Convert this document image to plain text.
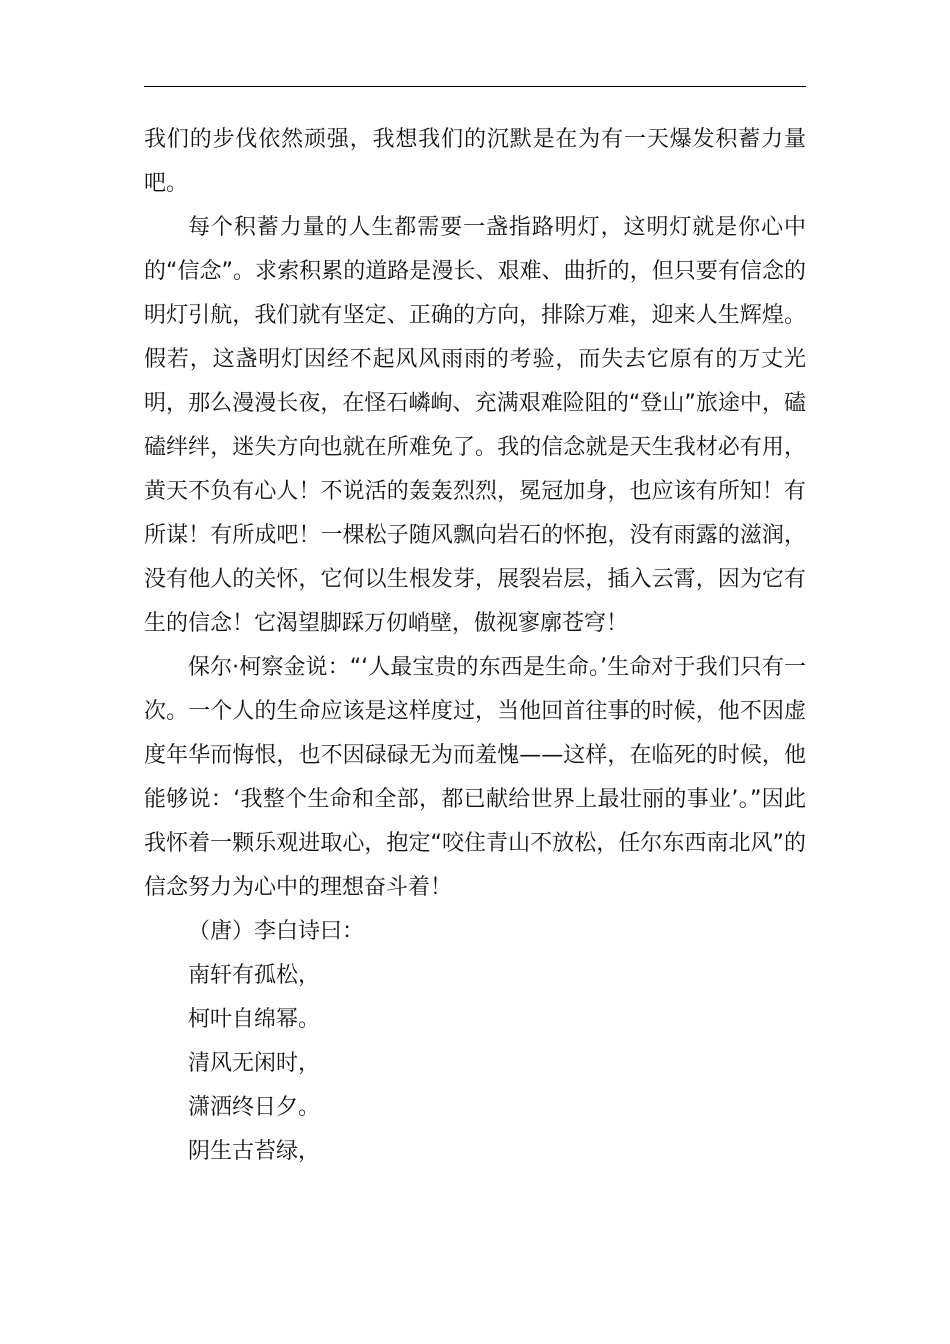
我们的步伐依然顽强，我想我们的沉默是在为有一天爆发积蓄力量吧。

每个积蓄力量的人生都需要一盏指路明灯，这明灯就是你心中的“信念”。求索积累的道路是漫长、艰难、曲折的，但只要有信念的明灯引航，我们就有坚定、正确的方向，排除万难，迎来人生辉煌。假若，这盏明灯因经不起风风雨雨的考验，而失去它原有的万丈光明，那么漫漫长夜，在怪石嶙峋、充满艰难险阻的“登山”旅途中，磕磕绊绊，迷失方向也就在所难免了。我的信念就是天生我材必有用，黄天不负有心人！不说活的轰轰烈烈，冕冠加身，也应该有所知！有所谋！有所成吧！一棵松子随风飘向岩石的怀抱，没有雨露的滋润，没有他人的关怀，它何以生根发芽，展裂岩层，插入云霄，因为它有生的信念！它渴望脚踩万仞峭壁，傲视寥廓苍穹！

保尔·柯察金说：“‘人最宝贵的东西是生命。’生命对于我们只有一次。一个人的生命应该是这样度过，当他回首往事的时候，他不因虚度年华而悔恨，也不因碌碌无为而羞愧——这样，在临死的时候，他能够说：‘我整个生命和全部，都已献给世界上最壮丽的事业’。”因此我怀着一颗乐观进取心，抱定“咬住青山不放松，任尔东西南北风”的信念努力为心中的理想奋斗着！

（唐）李白诗曰：

南轩有孤松，

柯叶自绵幂。

清风无闲时，

潇洒终日夕。

阴生古苔绿，
